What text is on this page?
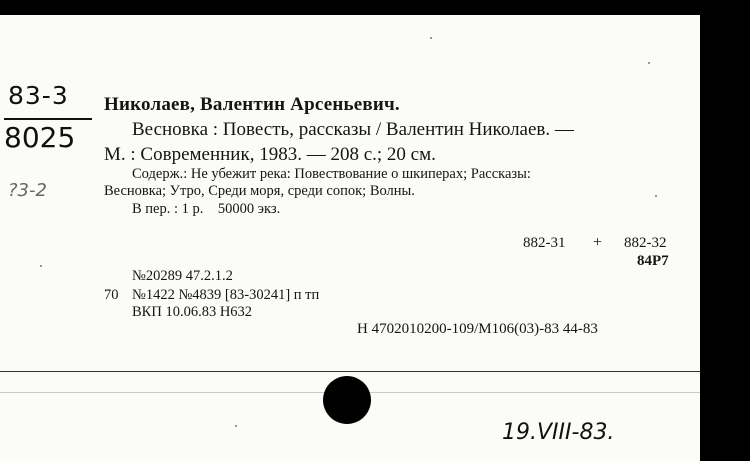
83-3
8025
?3-2
Николаев, Валентин Арсеньевич.
Весновка : Повесть, рассказы / Валентин Николаев. —
М. : Современник, 1983. — 208 с.; 20 см.
Содерж.: Не убежит река: Повествование о шкиперах; Рассказы:
Весновка; Утро, Среди моря, среди сопок; Волны.
В пер. : 1 р.    50000 экз.
882-31 + 882-32
84Р7
№20289 47.2.1.2
70 №1422 №4839 [83-30241] п тп
ВКП 10.06.83 Н632
Н 4702010200-109/М106(03)-83 44-83
19.VIII-83.
